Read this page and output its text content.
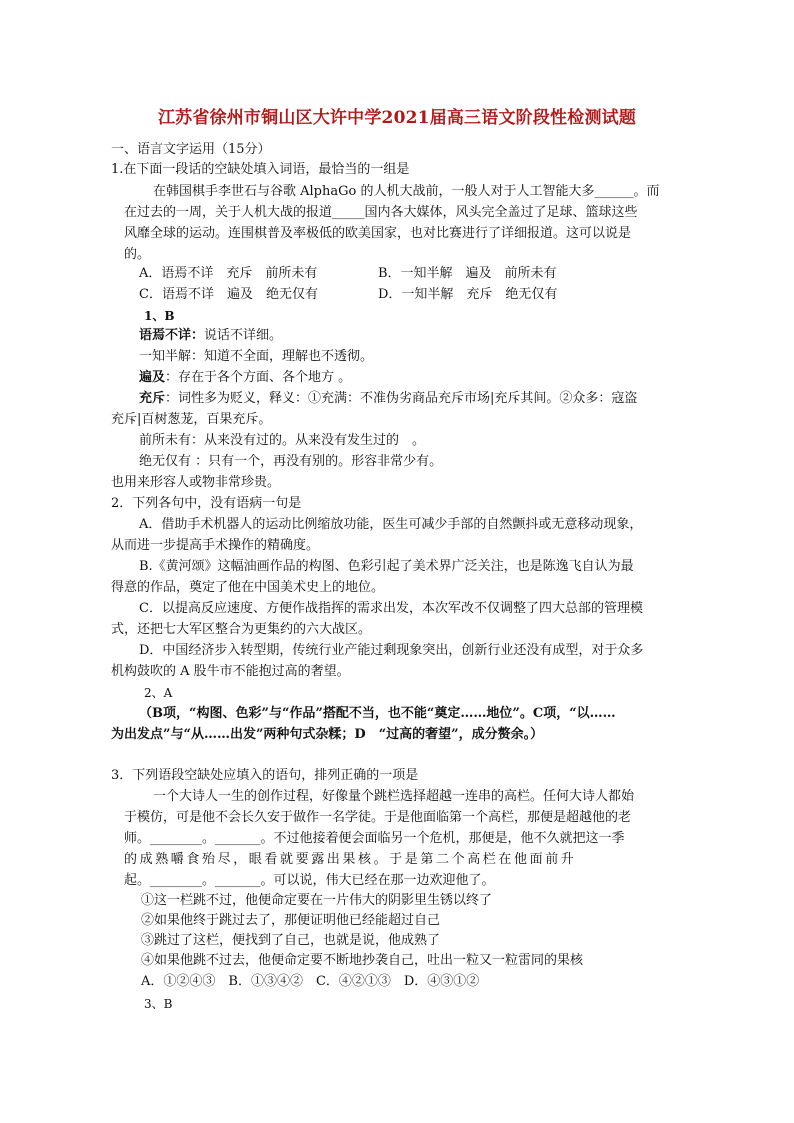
江苏省徐州市铜山区大许中学2021届高三语文阶段性检测试题
一、语言文字运用（15分）
1.在下面一段话的空缺处填入词语，最恰当的一组是
在韩国棋手李世石与谷歌 AlphaGo 的人机大战前，一般人对于人工智能大多______。而
在过去的一周，关于人机大战的报道_____国内各大媒体，风头完全盖过了足球、篮球这些
风靡全球的运动。连围棋普及率极低的欧美国家，也对比赛进行了详细报道。这可以说是
的。
A．语焉不详　充斥　前所未有	B．一知半解　遍及　前所未有
C．语焉不详　遍及　绝无仅有	D．一知半解　充斥　绝无仅有
1、B
语焉不详：说话不详细。
一知半解：知道不全面，理解也不透彻。
遍及：存在于各个方面、各个地方 。
充斥：词性多为贬义，释义：①充满：不准伪劣商品充斥市场|充斥其间。②众多：寇盗
充斥|百树葱茏，百果充斥。
前所未有：从来没有过的。从来没有发生过的　。
绝无仅有 ：只有一个，再没有别的。形容非常少有。
也用来形容人或物非常珍贵。
2．下列各句中，没有语病一句是
A．借助手术机器人的运动比例缩放功能，医生可减少手部的自然颤抖或无意移动现象，
从而进一步提高手术操作的精确度。
B.《黄河颂》这幅油画作品的构图、色彩引起了美术界广泛关注，也是陈逸飞自认为最
得意的作品，奠定了他在中国美术史上的地位。
C．以提高反应速度、方便作战指挥的需求出发，本次军改不仅调整了四大总部的管理模
式，还把七大军区整合为更集约的六大战区。
D．中国经济步入转型期，传统行业产能过剩现象突出，创新行业还没有成型，对于众多
机构鼓吹的 A 股牛市不能抱过高的奢望。
2、A
（B项，“构图、色彩”与“作品”搭配不当，也不能“奠定……地位”。C项，“以……
为出发点”与“从……出发”两种句式杂糅；D　“过高的奢望”，成分赘余。）
3．下列语段空缺处应填入的语句，排列正确的一项是
一个大诗人一生的创作过程，好像量个跳栏选择超越一连串的高栏。任何大诗人都始
于模仿，可是他不会长久安于做作一名学徒。于是他面临第一个高栏，那便是超越他的老
师。________。_______。不过他接着便会面临另一个危机，那便是，他不久就把这一季
的成熟嚼食殆尽，眼看就要露出果核。于是第二个高栏在他面前升
起。________。_______。可以说，伟大已经在那一边欢迎他了。
①这一栏跳不过，他便命定要在一片伟大的阴影里生锈以终了
②如果他终于跳过去了，那便证明他已经能超过自己
③跳过了这栏，便找到了自己，也就是说，他成熟了
④如果他跳不过去，他便命定要不断地抄袭自己，吐出一粒又一粒雷同的果核
A．①②④③　B．①③④②　C．④②①③　D．④③①②
3、B
